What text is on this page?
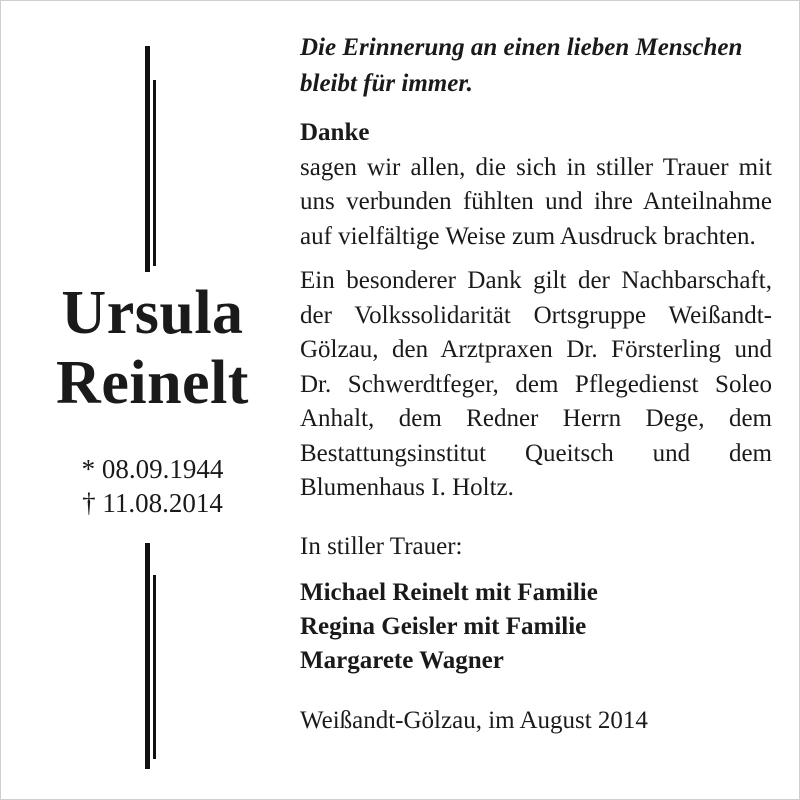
Ursula
Reinelt
* 08.09.1944
† 11.08.2014

Die Erinnerung an einen lieben Menschen bleibt für immer.

Danke
sagen wir allen, die sich in stiller Trauer mit uns verbunden fühlten und ihre Anteilnahme auf vielfältige Weise zum Ausdruck brachten.

Ein besonderer Dank gilt der Nachbarschaft, der Volkssolidarität Ortsgruppe Weißandt-Gölzau, den Arztpraxen Dr. Försterling und Dr. Schwerdtfeger, dem Pflegedienst Soleo Anhalt, dem Redner Herrn Dege, dem Bestattungsinstitut Queitsch und dem Blumenhaus I. Holtz.

In stiller Trauer:

Michael Reinelt mit Familie

Regina Geisler mit Familie

Margarete Wagner

Weißandt-Gölzau, im August 2014
